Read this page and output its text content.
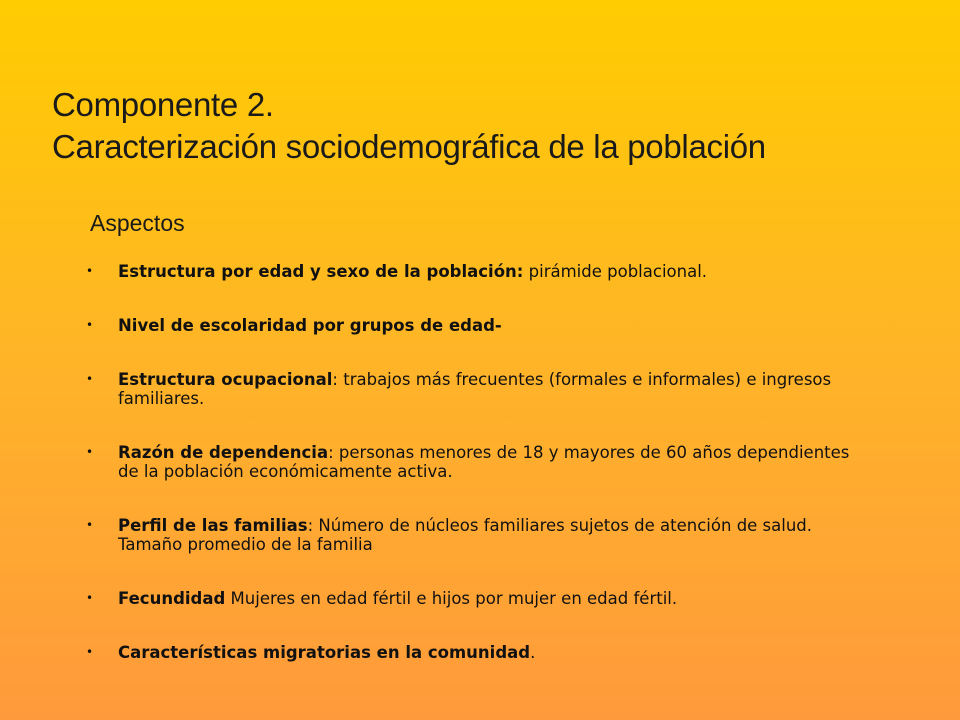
Componente 2.
Caracterización sociodemográfica de la población
Aspectos
• Estructura por edad y sexo de la población: pirámide poblacional.
• Nivel de escolaridad por grupos de edad-
• Estructura ocupacional: trabajos más frecuentes (formales e informales) e ingresos familiares.
• Razón de dependencia: personas menores de 18 y mayores de 60 años dependientes de la población económicamente activa.
• Perfil de las familias: Número de núcleos familiares sujetos de atención de salud. Tamaño promedio de la familia
• Fecundidad Mujeres en edad fértil e hijos por mujer en edad fértil.
• Características migratorias en la comunidad.
